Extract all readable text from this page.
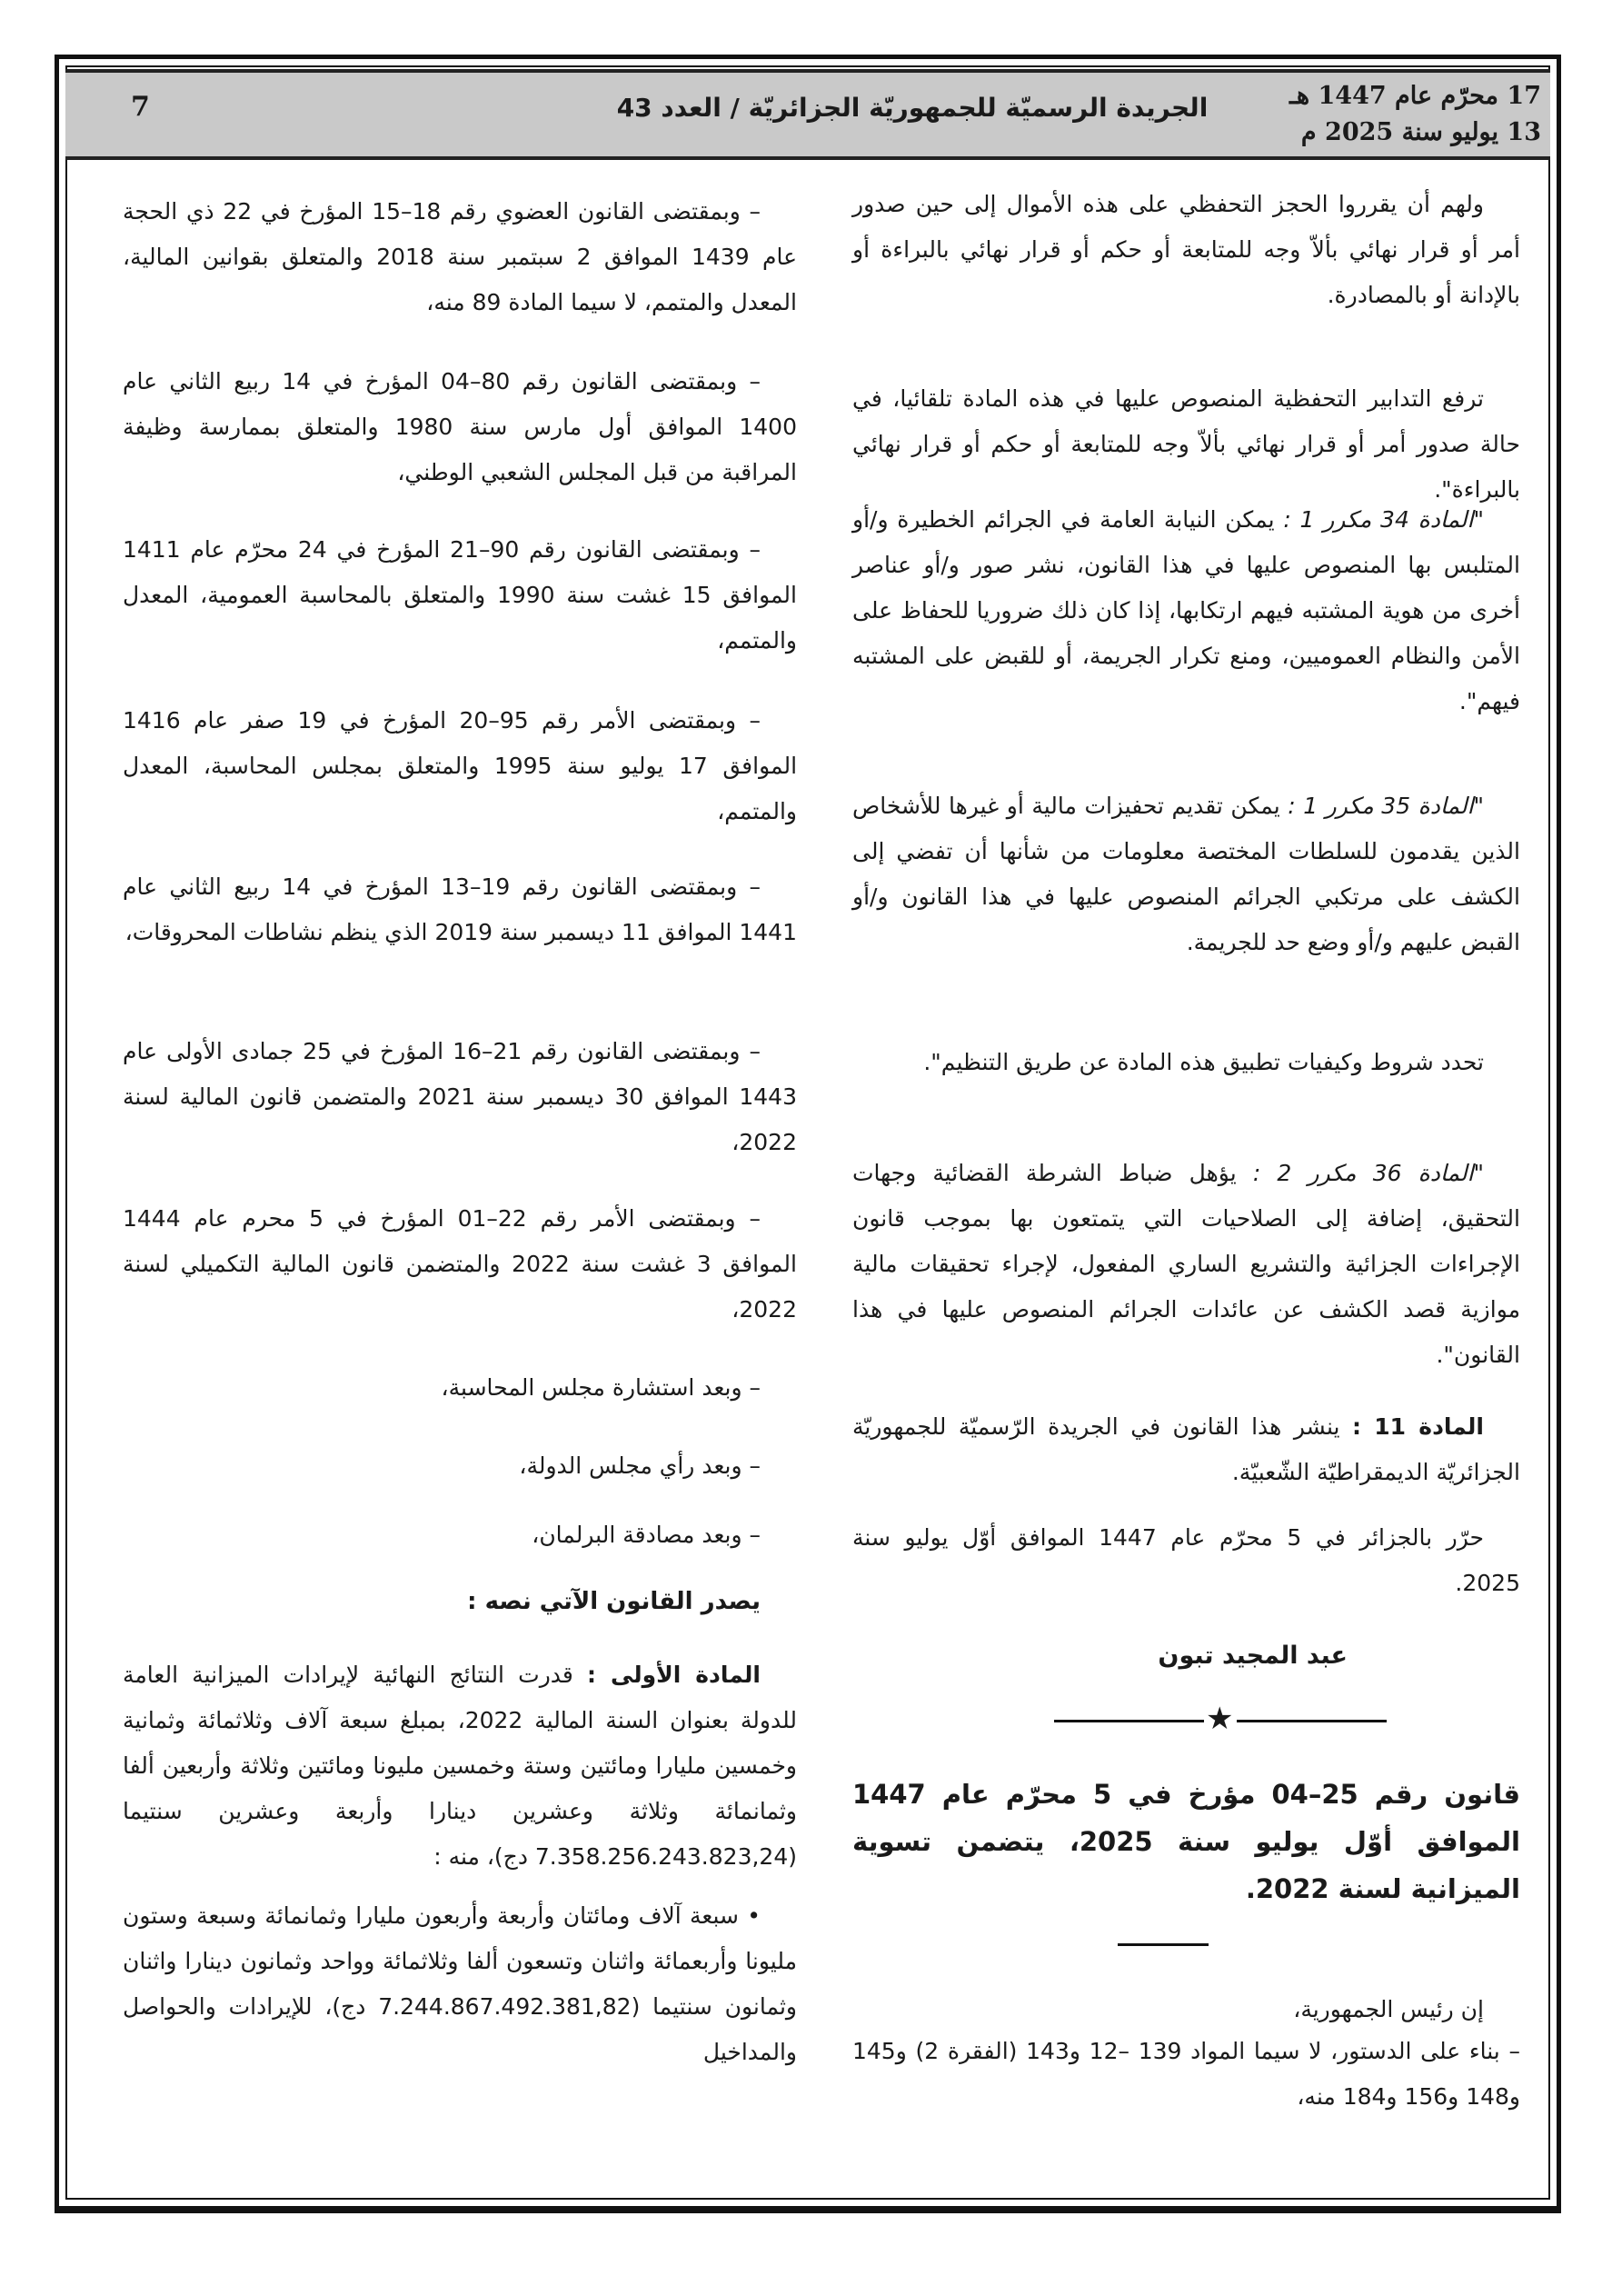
17 محرّم عام 1447 هـ
13 يوليو سنة 2025 م
الجريدة الرسميّة للجمهوريّة الجزائريّة / العدد 43
7
ولهم أن يقرروا الحجز التحفظي على هذه الأموال إلى حين صدور أمر أو قرار نهائي بألاّ وجه للمتابعة أو حكم أو قرار نهائي بالبراءة أو بالإدانة أو بالمصادرة.
ترفع التدابير التحفظية المنصوص عليها في هذه المادة تلقائيا، في حالة صدور أمر أو قرار نهائي بألاّ وجه للمتابعة أو حكم أو قرار نهائي بالبراءة".
"المادة 34 مكرر 1 : يمكن النيابة العامة في الجرائم الخطيرة و/أو المتلبس بها المنصوص عليها في هذا القانون، نشر صور و/أو عناصر أخرى من هوية المشتبه فيهم ارتكابها، إذا كان ذلك ضروريا للحفاظ على الأمن والنظام العموميين، ومنع تكرار الجريمة، أو للقبض على المشتبه فيهم".
"المادة 35 مكرر 1 : يمكن تقديم تحفيزات مالية أو غيرها للأشخاص الذين يقدمون للسلطات المختصة معلومات من شأنها أن تفضي إلى الكشف على مرتكبي الجرائم المنصوص عليها في هذا القانون و/أو القبض عليهم و/أو وضع حد للجريمة.
تحدد شروط وكيفيات تطبيق هذه المادة عن طريق التنظيم".
"المادة 36 مكرر 2 : يؤهل ضباط الشرطة القضائية وجهات التحقيق، إضافة إلى الصلاحيات التي يتمتعون بها بموجب قانون الإجراءات الجزائية والتشريع الساري المفعول، لإجراء تحقيقات مالية موازية قصد الكشف عن عائدات الجرائم المنصوص عليها في هذا القانون".
المادة 11 : ينشر هذا القانون في الجريدة الرّسميّة للجمهوريّة الجزائريّة الديمقراطيّة الشّعبيّة.
حرّر بالجزائر في 5 محرّم عام 1447 الموافق أوّل يوليو سنة 2025.
عبد المجيد تبون
★
قانون رقم 25–04 مؤرخ في 5 محرّم عام 1447 الموافق أوّل يوليو سنة 2025، يتضمن تسوية الميزانية لسنة 2022.
إن رئيس الجمهورية،
– بناء على الدستور، لا سيما المواد 139 –12 و143 (الفقرة 2) و145 و148 و156 و184 منه،
– وبمقتضى القانون العضوي رقم 18–15 المؤرخ في 22 ذي الحجة عام 1439 الموافق 2 سبتمبر سنة 2018 والمتعلق بقوانين المالية، المعدل والمتمم، لا سيما المادة 89 منه،
– وبمقتضى القانون رقم 80–04 المؤرخ في 14 ربيع الثاني عام 1400 الموافق أول مارس سنة 1980 والمتعلق بممارسة وظيفة المراقبة من قبل المجلس الشعبي الوطني،
– وبمقتضى القانون رقم 90–21 المؤرخ في 24 محرّم عام 1411 الموافق 15 غشت سنة 1990 والمتعلق بالمحاسبة العمومية، المعدل والمتمم،
– وبمقتضى الأمر رقم 95–20 المؤرخ في 19 صفر عام 1416 الموافق 17 يوليو سنة 1995 والمتعلق بمجلس المحاسبة، المعدل والمتمم،
– وبمقتضى القانون رقم 19–13 المؤرخ في 14 ربيع الثاني عام 1441 الموافق 11 ديسمبر سنة 2019 الذي ينظم نشاطات المحروقات،
– وبمقتضى القانون رقم 21–16 المؤرخ في 25 جمادى الأولى عام 1443 الموافق 30 ديسمبر سنة 2021 والمتضمن قانون المالية لسنة 2022،
– وبمقتضى الأمر رقم 22–01 المؤرخ في 5 محرم عام 1444 الموافق 3 غشت سنة 2022 والمتضمن قانون المالية التكميلي لسنة 2022،
– وبعد استشارة مجلس المحاسبة،
– وبعد رأي مجلس الدولة،
– وبعد مصادقة البرلمان،
يصدر القانون الآتي نصه :
المادة الأولى : قدرت النتائج النهائية لإيرادات الميزانية العامة للدولة بعنوان السنة المالية 2022، بمبلغ سبعة آلاف وثلاثمائة وثمانية وخمسين مليارا ومائتين وستة وخمسين مليونا ومائتين وثلاثة وأربعين ألفا وثمانمائة وثلاثة وعشرين دينارا وأربعة وعشرين سنتيما (7.358.256.243.823,24 دج)، منه :
• سبعة آلاف ومائتان وأربعة وأربعون مليارا وثمانمائة وسبعة وستون مليونا وأربعمائة واثنان وتسعون ألفا وثلاثمائة وواحد وثمانون دينارا واثنان وثمانون سنتيما (7.244.867.492.381,82 دج)، للإيرادات والحواصل والمداخيل
